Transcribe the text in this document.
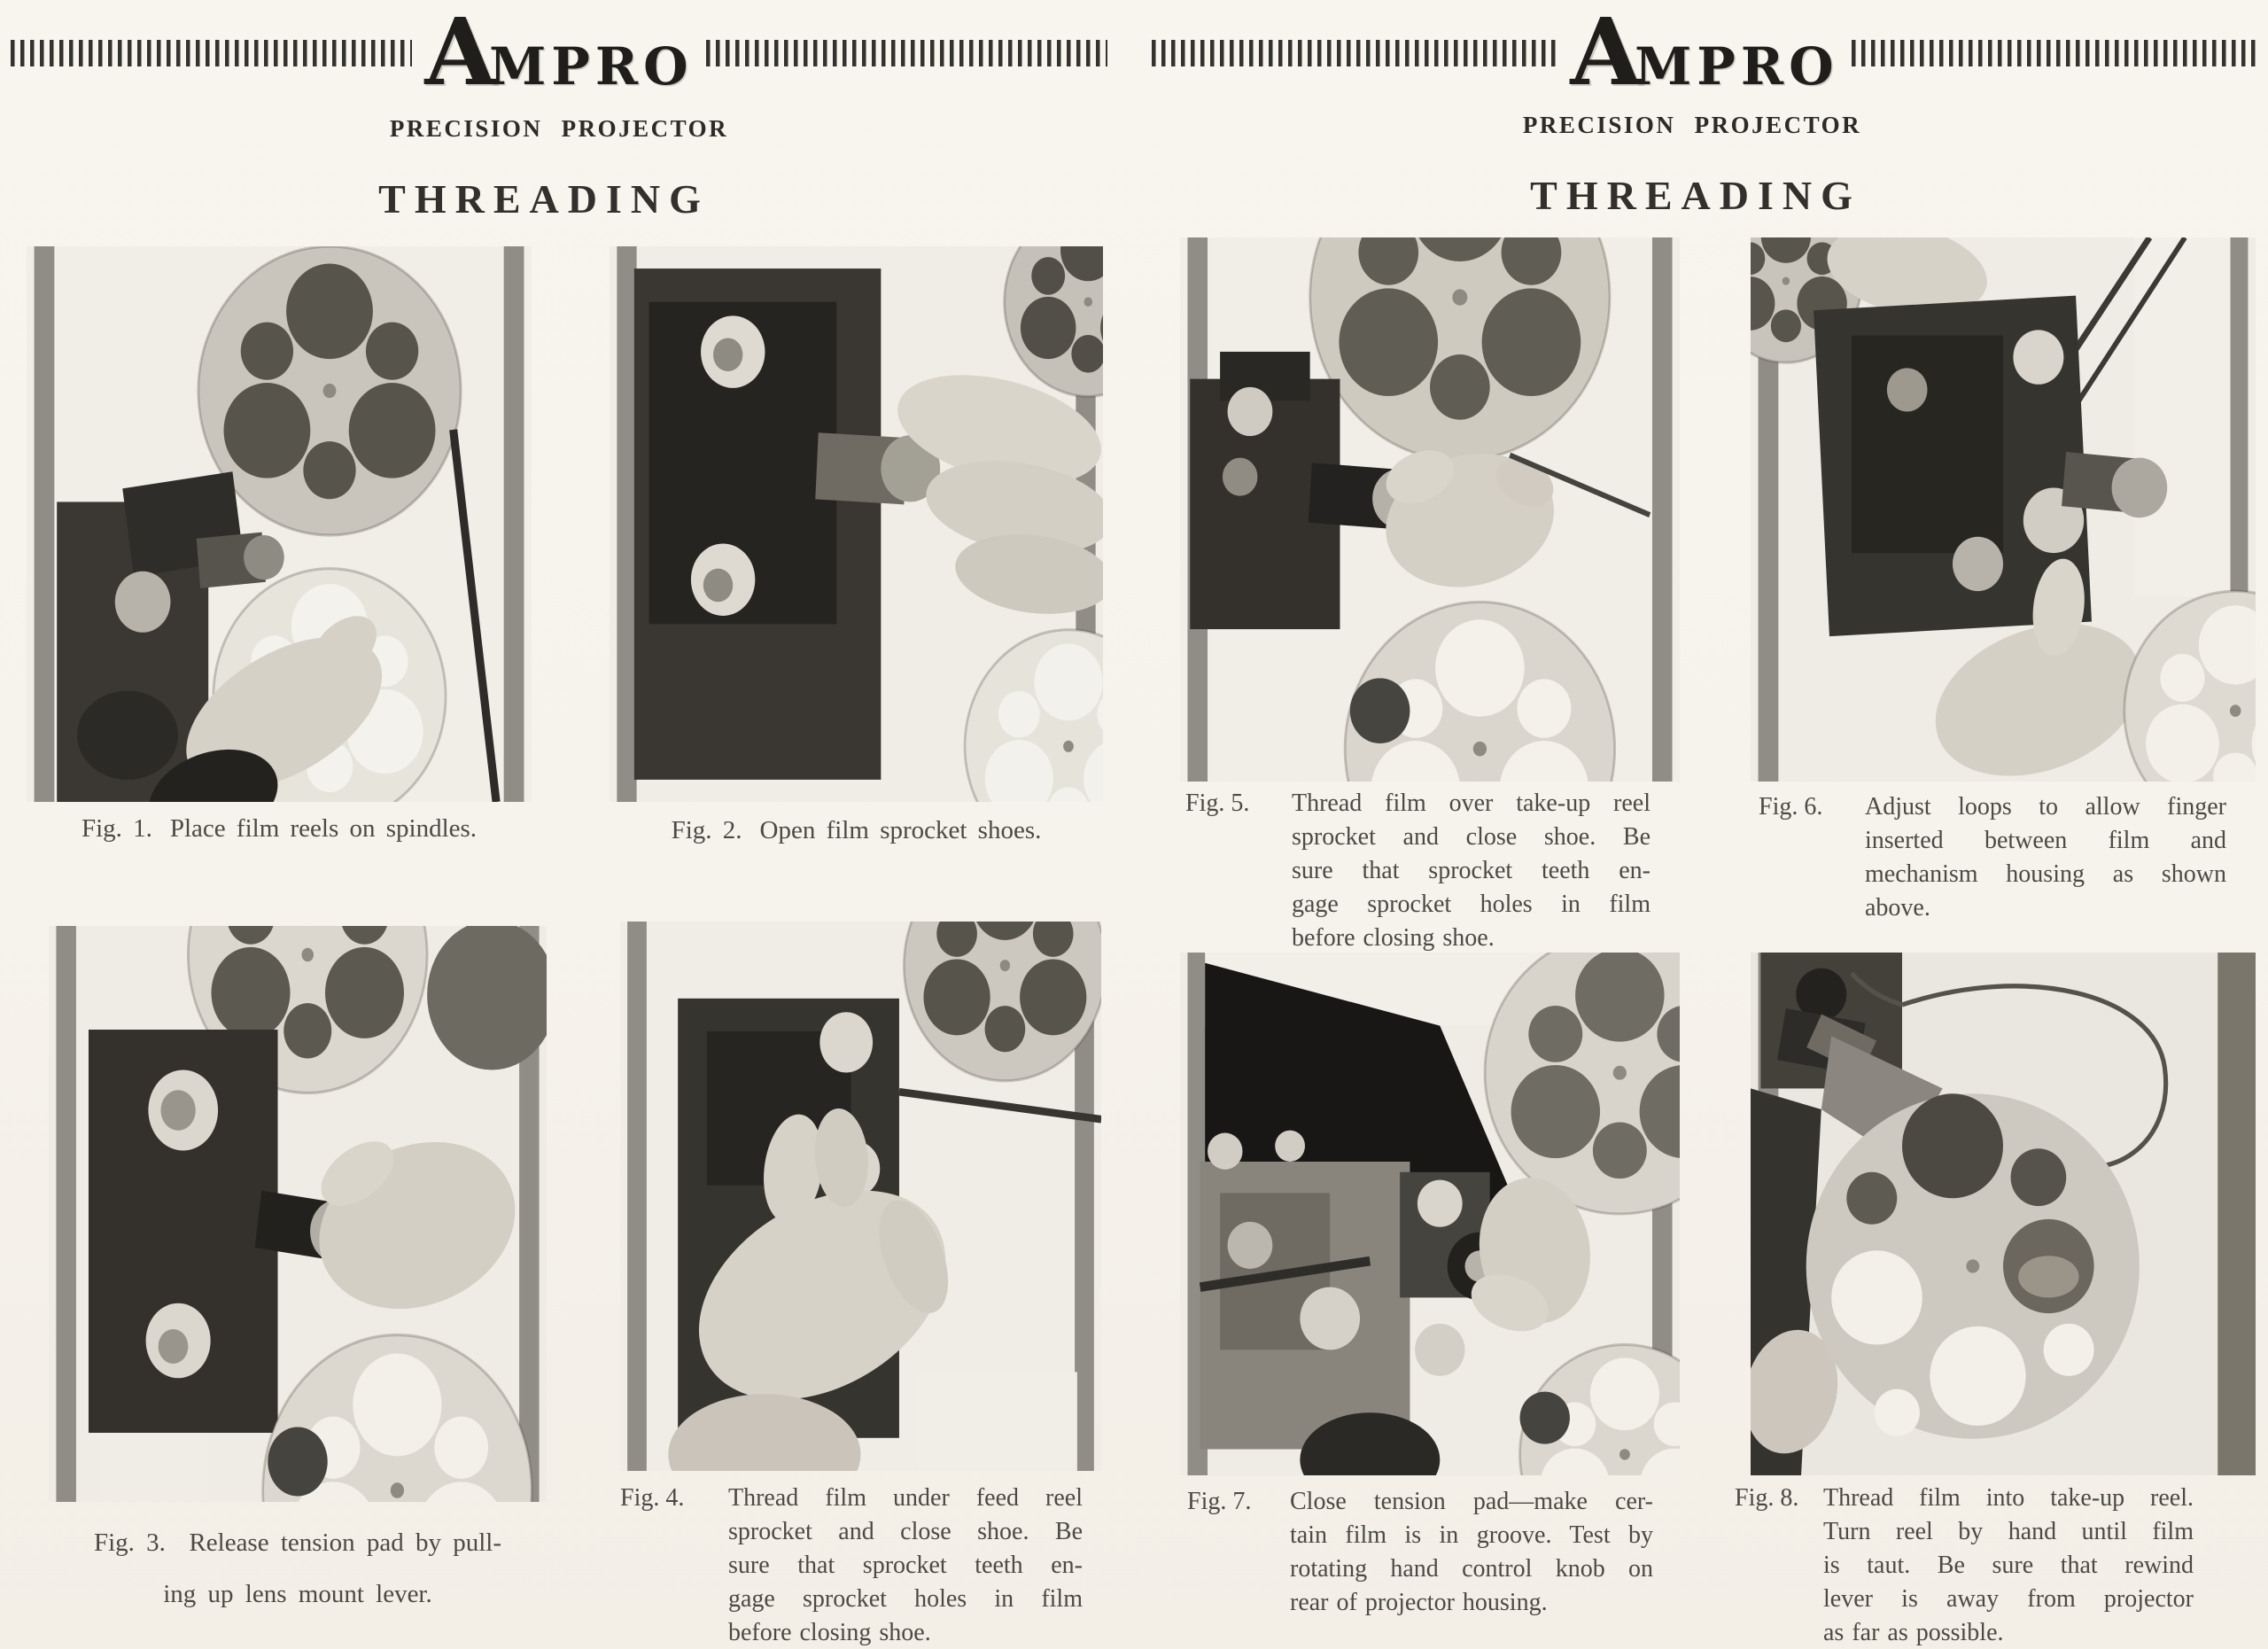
A
MPRO
PRECISION PROJECTOR
THREADING
Fig. 1. Place film reels on spindles.	Fig. 2. Open film sprocket shoes.
Fig. 3. Release tension pad by pull-
ing up lens mount lever.
Fig. 4.	Thread film under feed reel
sprocket and close shoe. Be
sure that sprocket teeth en-
gage sprocket holes in film
before closing shoe.
A
MPRO
PRECISION PROJECTOR
THREADING
Fig. 5.	Thread film over take-up reel
sprocket and close shoe. Be
sure that sprocket teeth en-
gage sprocket holes in film
before closing shoe.
Fig. 6.	Adjust loops to allow finger
inserted between film and
mechanism housing as shown
above.
Fig. 7.	Close tension pad—make cer-
tain film is in groove. Test by
rotating hand control knob on
rear of projector housing.
Fig. 8. Thread film into take-up reel.
Turn reel by hand until film
is taut. Be sure that rewind
lever is away from projector
as far as possible.
